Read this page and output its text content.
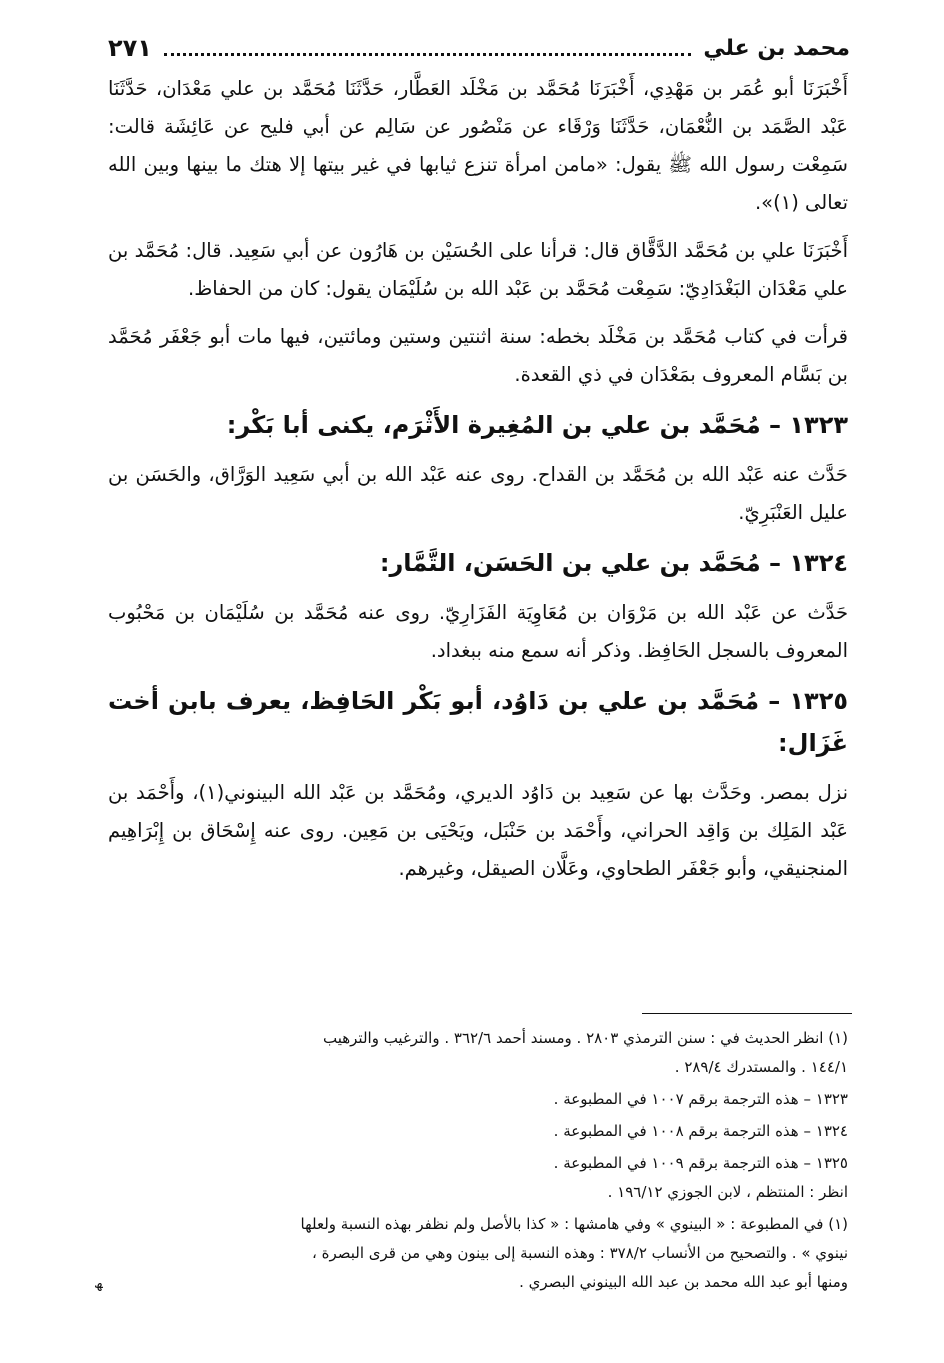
محمد بن علي
٢٧١

أَخْبَرَنَا أبو عُمَر بن مَهْدِي، أَخْبَرَنَا مُحَمَّد بن مَخْلَد العَطَّار، حَدَّثَنَا مُحَمَّد بن علي مَعْدَان، حَدَّثَنَا عَبْد الصَّمَد بن النُّعْمَان، حَدَّثَنَا وَرْقَاء عن مَنْصُور عن سَالِم عن أبي فليح عن عَائِشَة قالت: سَمِعْت رسول الله ﷺ يقول: «مامن امرأة تنزع ثيابها في غير بيتها إلا هتك ما بينها وبين الله تعالى (١)».

أَخْبَرَنَا علي بن مُحَمَّد الدَّقَّاق قال: قرأنا على الحُسَيْن بن هَارُون عن أبي سَعِيد. قال: مُحَمَّد بن علي مَعْدَان البَغْدَادِيّ: سَمِعْت مُحَمَّد بن عَبْد الله بن سُلَيْمَان يقول: كان من الحفاظ.

قرأت في كتاب مُحَمَّد بن مَخْلَد بخطه: سنة اثنتين وستين ومائتين، فيها مات أبو جَعْفَر مُحَمَّد بن بَسَّام المعروف بمَعْدَان في ذي القعدة.

١٣٢٣ – مُحَمَّد بن علي بن المُغِيرة الأَثْرَم، يكنى أبا بَكْر:

حَدَّث عنه عَبْد الله بن مُحَمَّد بن القداح. روى عنه عَبْد الله بن أبي سَعِيد الوَرَّاق، والحَسَن بن عليل العَنْبَرِيّ.

١٣٢٤ – مُحَمَّد بن علي بن الحَسَن، التَّمَّار:

حَدَّث عن عَبْد الله بن مَرْوَان بن مُعَاوِيَة الفَزَارِيّ. روى عنه مُحَمَّد بن سُلَيْمَان بن مَحْبُوب المعروف بالسجل الحَافِظ. وذكر أنه سمع منه ببغداد.

١٣٢٥ – مُحَمَّد بن علي بن دَاوُد، أبو بَكْر الحَافِظ، يعرف بابن أخت غَزَال:

نزل بمصر. وحَدَّث بها عن سَعِيد بن دَاوُد الديري، ومُحَمَّد بن عَبْد الله البينوني(١)، وأَحْمَد بن عَبْد المَلِك بن وَاقِد الحراني، وأَحْمَد بن حَنْبَل، ويَحْيَى بن مَعِين. روى عنه إِسْحَاق بن إِبْرَاهِيم المنجنيقي، وأبو جَعْفَر الطحاوي، وعَلَّان الصيقل، وغيرهم.

(١) انظر الحديث في : سنن الترمذي ٢٨٠٣ . ومسند أحمد ٣٦٢/٦ . والترغيب والترهيب
١٤٤/١ . والمستدرك ٢٨٩/٤ .
١٣٢٣ – هذه الترجمة برقم ١٠٠٧ في المطبوعة .
١٣٢٤ – هذه الترجمة برقم ١٠٠٨ في المطبوعة .
١٣٢٥ – هذه الترجمة برقم ١٠٠٩ في المطبوعة .
انظر : المنتظم ، لابن الجوزي ١٩٦/١٢ .
(١) في المطبوعة : « البينوي » وفي هامشها : « كذا بالأصل ولم نظفر بهذه النسبة ولعلها
نينوي » . والتصحيح من الأنساب ٣٧٨/٢ : وهذه النسبة إلى بينون وهي من قرى البصرة ،
ومنها أبو عبد الله محمد بن عبد الله البينوني البصري .
ﮫ
